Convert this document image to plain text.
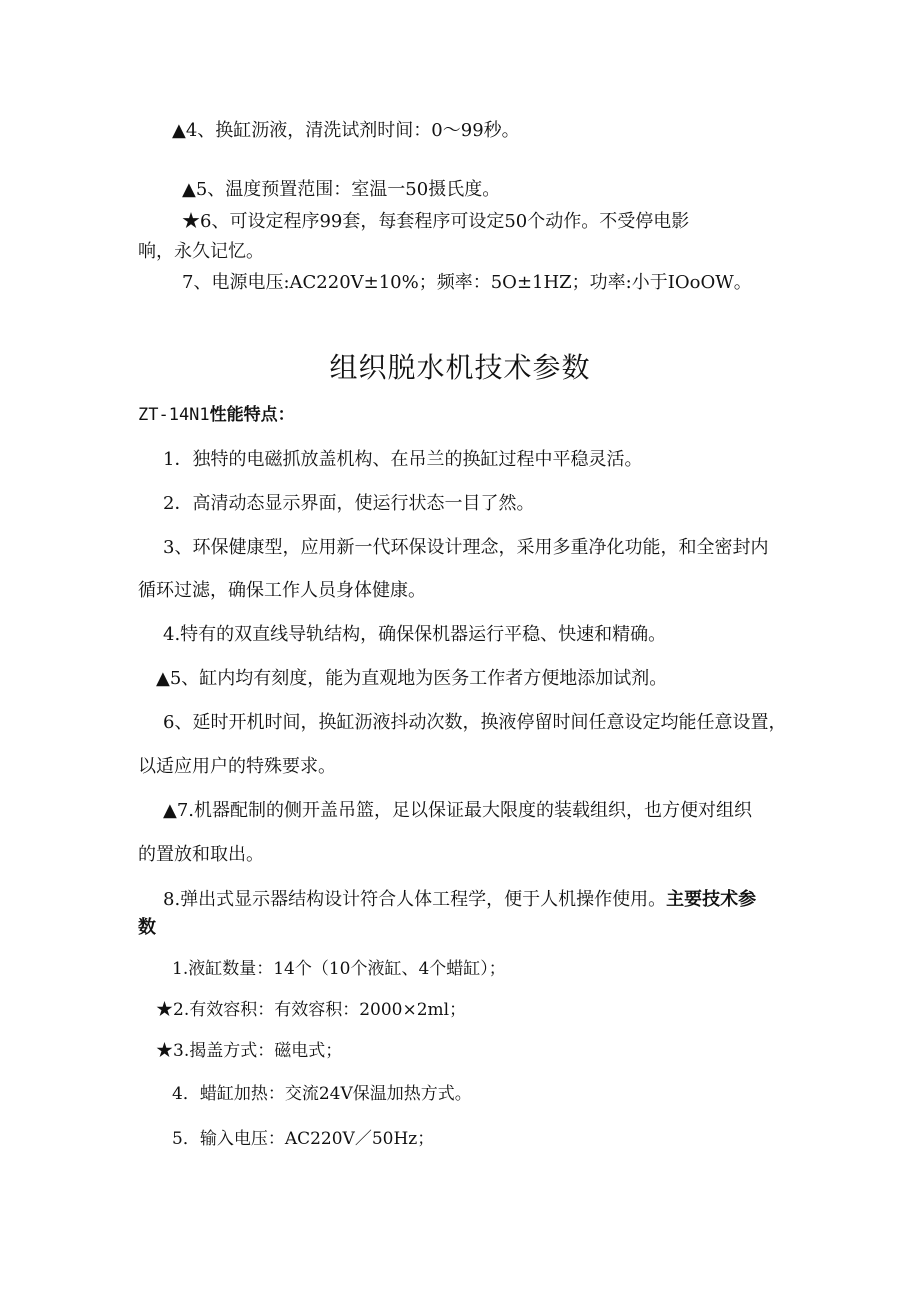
▲4、换缸沥液，清洗试剂时间：0～99秒。
▲5、温度预置范围：室温一50摄氏度。
★6、可设定程序99套，每套程序可设定50个动作。不受停电影
响，永久记忆。
7、电源电压:AC220V±10%；频率：5O±1HZ；功率:小于IOoOW。
组织脱水机技术参数
ZT-14N1性能特点：
1．独特的电磁抓放盖机构、在吊兰的换缸过程中平稳灵活。
2．高清动态显示界面，使运行状态一目了然。
3、环保健康型，应用新一代环保设计理念，采用多重净化功能，和全密封内
循环过滤，确保工作人员身体健康。
4.特有的双直线导轨结构，确保保机器运行平稳、快速和精确。
▲5、缸内均有刻度，能为直观地为医务工作者方便地添加试剂。
6、延时开机时间，换缸沥液抖动次数，换液停留时间任意设定均能任意设置，
以适应用户的特殊要求。
▲7.机器配制的侧开盖吊篮，足以保证最大限度的装载组织，也方便对组织
的置放和取出。
8.弹出式显示器结构设计符合人体工程学，便于人机操作使用。主要技术参
数
1.液缸数量：14个（10个液缸、4个蜡缸）；
★2.有效容积：有效容积：2000×2ml；
★3.揭盖方式：磁电式；
4．蜡缸加热：交流24V保温加热方式。
5．输入电压：AC220V／50Hz；
